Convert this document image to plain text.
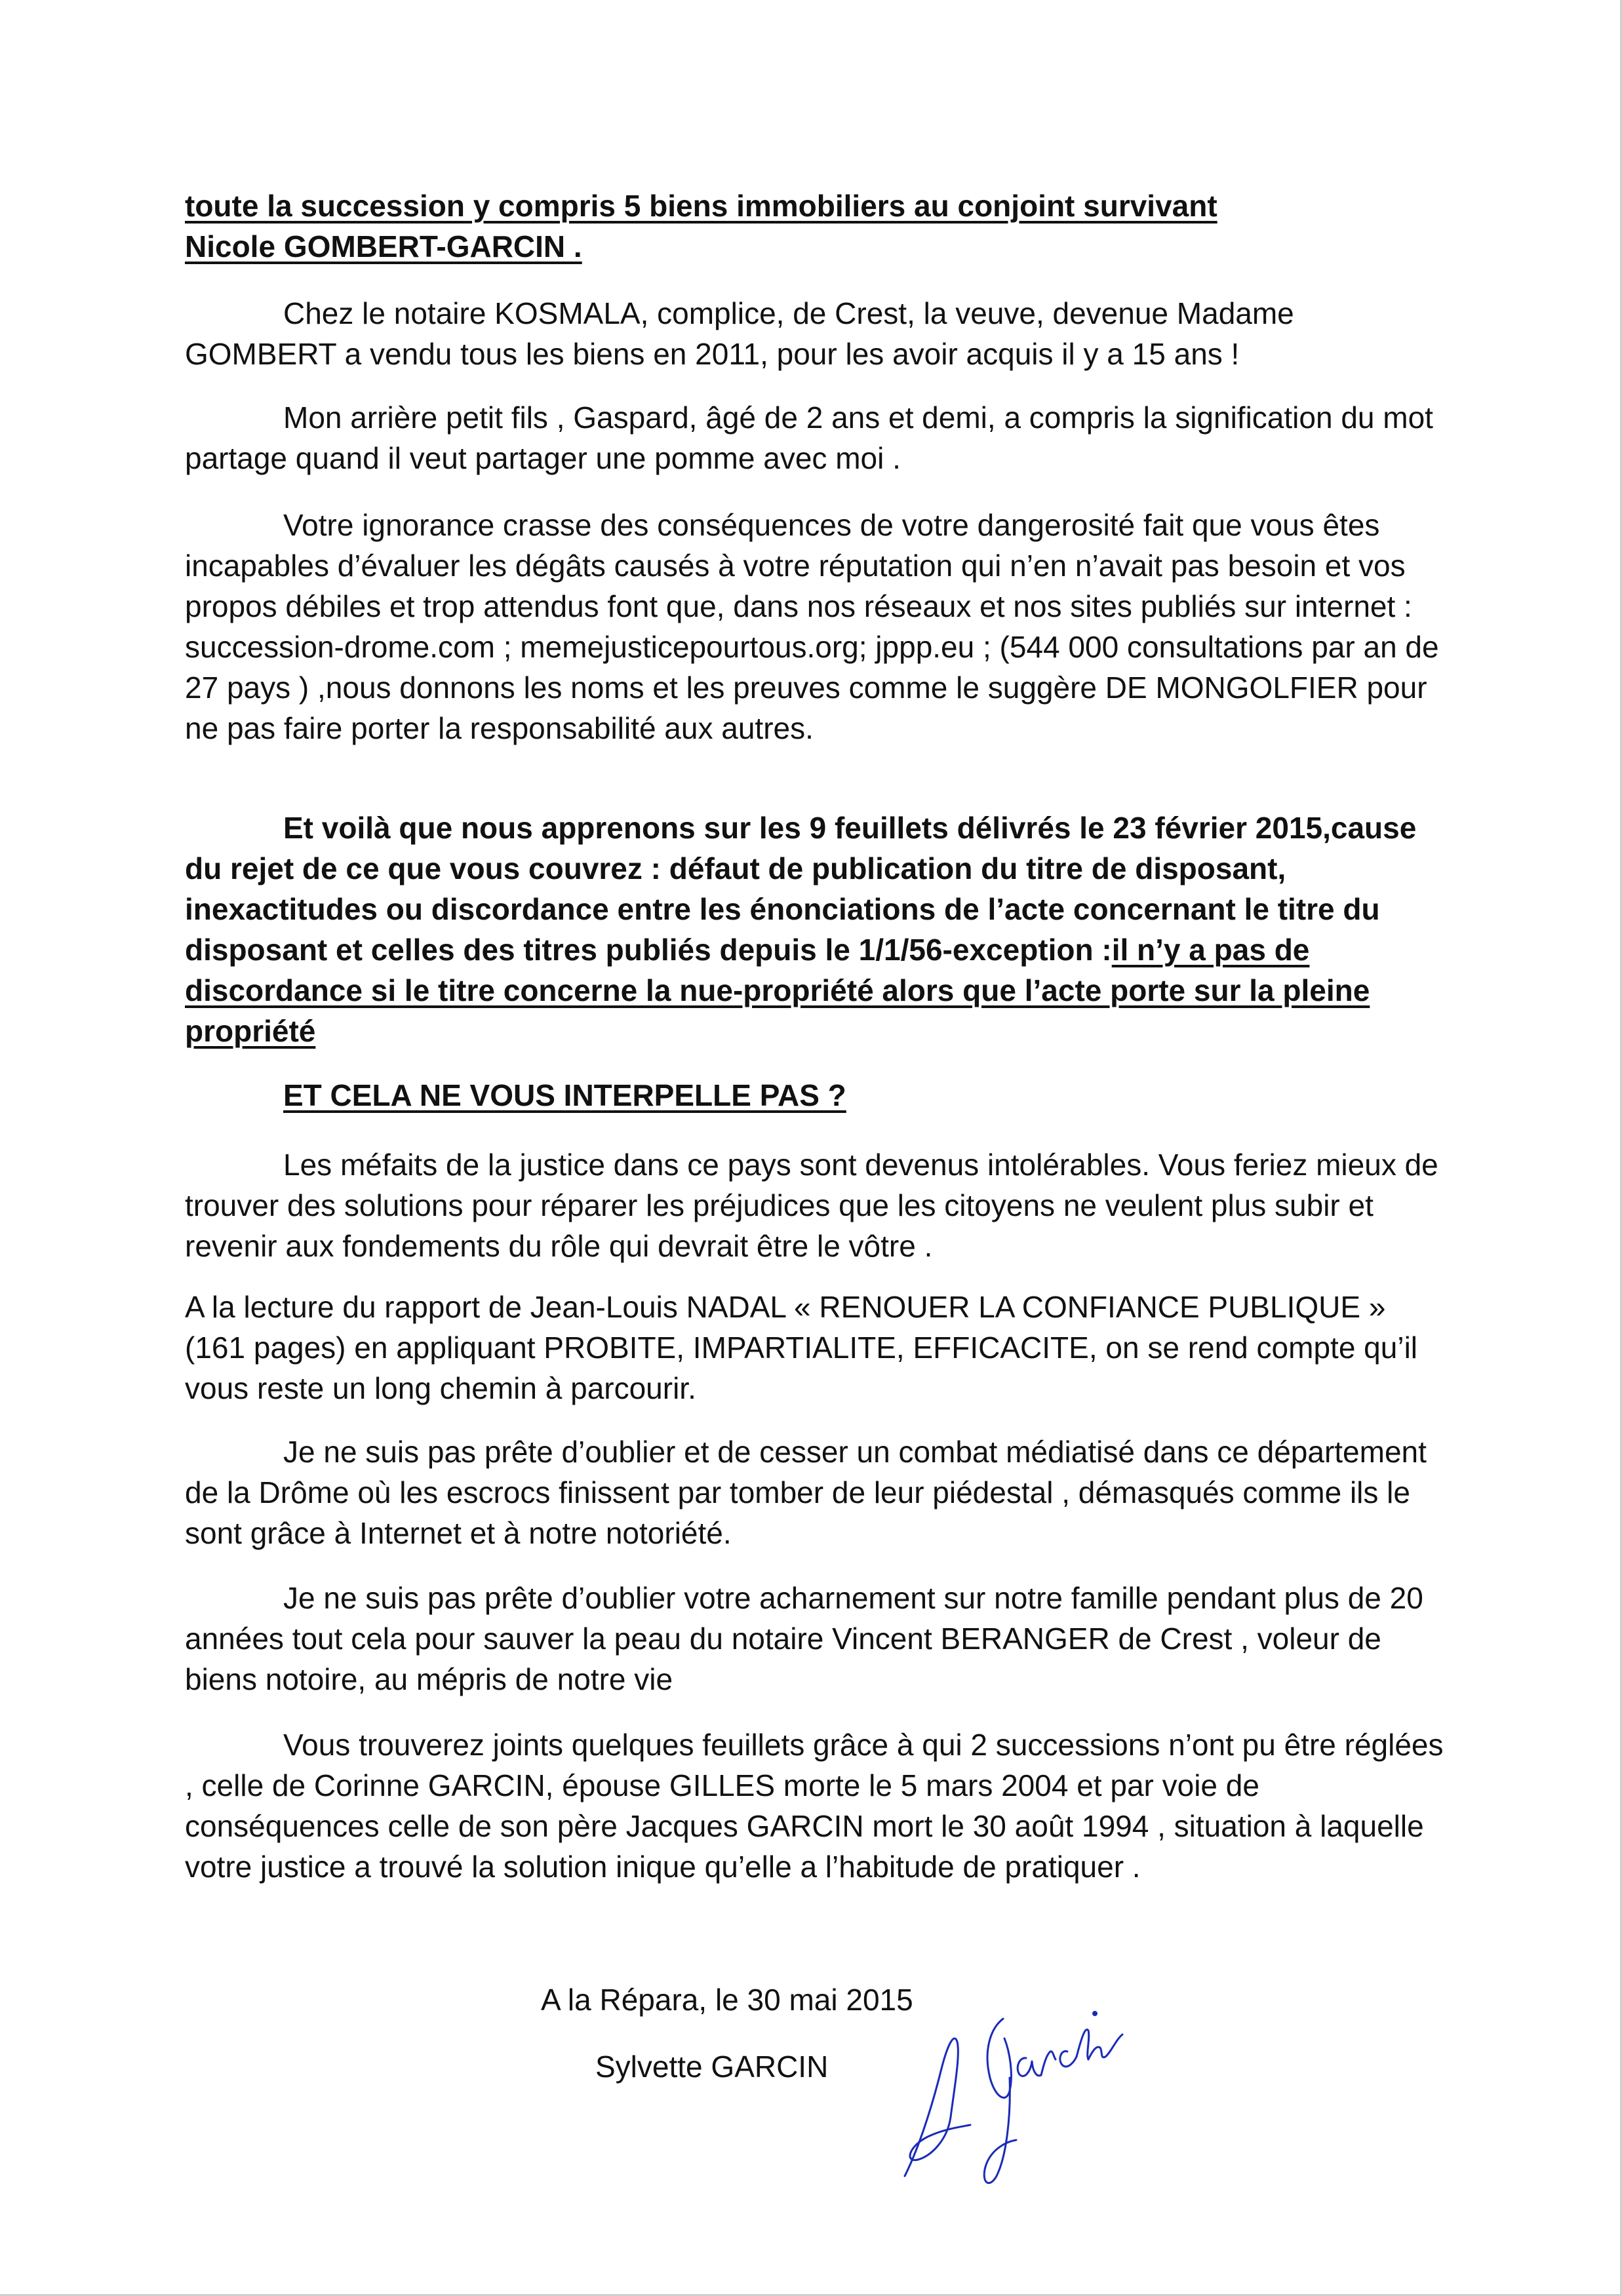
toute la succession y compris 5 biens immobiliers au conjoint survivant
Nicole GOMBERT-GARCIN .
Chez le notaire KOSMALA, complice, de Crest, la veuve, devenue Madame GOMBERT a vendu tous les biens en 2011, pour les avoir acquis il y a 15 ans !
Mon arrière petit fils , Gaspard, âgé de 2 ans et demi, a compris la signification du mot partage quand il veut partager une pomme avec moi .
Votre ignorance crasse des conséquences de votre dangerosité fait que vous êtes incapables d’évaluer les dégâts causés à votre réputation qui n’en n’avait pas besoin et vos propos débiles et trop attendus font que, dans nos réseaux et nos sites publiés sur internet : succession-drome.com ; memejusticepourtous.org; jppp.eu ; (544 000 consultations par an de 27 pays ) ,nous donnons les noms et les preuves comme le suggère DE MONGOLFIER pour ne pas faire porter la responsabilité aux autres.
Et voilà que nous apprenons sur les 9 feuillets délivrés le 23 février 2015,cause du rejet de ce que vous couvrez : défaut de publication du titre de disposant, inexactitudes ou discordance entre les énonciations de l’acte concernant le titre du disposant et celles des titres publiés depuis le 1/1/56-exception :il n’y a pas de discordance si le titre concerne la nue-propriété alors que l’acte porte sur la pleine propriété
ET CELA NE VOUS INTERPELLE PAS ?
Les méfaits de la justice dans ce pays sont devenus intolérables. Vous feriez mieux de trouver des solutions pour réparer les préjudices que les citoyens ne veulent plus subir et revenir aux fondements du rôle qui devrait être le vôtre .
A la lecture du rapport de Jean-Louis NADAL « RENOUER LA CONFIANCE PUBLIQUE » (161 pages) en appliquant PROBITE, IMPARTIALITE, EFFICACITE, on se rend compte qu’il vous reste un long chemin à parcourir.
Je ne suis pas prête d’oublier et de cesser un combat médiatisé dans ce département de la Drôme où les escrocs finissent par tomber de leur piédestal , démasqués comme ils le sont grâce à Internet et à notre notoriété.
Je ne suis pas prête d’oublier votre acharnement sur notre famille pendant plus de 20 années tout cela pour sauver la peau du notaire Vincent BERANGER de Crest , voleur de biens notoire, au mépris de notre vie
Vous trouverez joints quelques feuillets grâce à qui 2 successions n’ont pu être réglées , celle de Corinne GARCIN, épouse GILLES morte le 5 mars 2004 et par voie de conséquences celle de son père Jacques GARCIN mort le 30 août 1994 , situation à laquelle votre justice a trouvé la solution inique qu’elle a l’habitude de pratiquer .
A la Répara, le 30 mai 2015
Sylvette GARCIN
